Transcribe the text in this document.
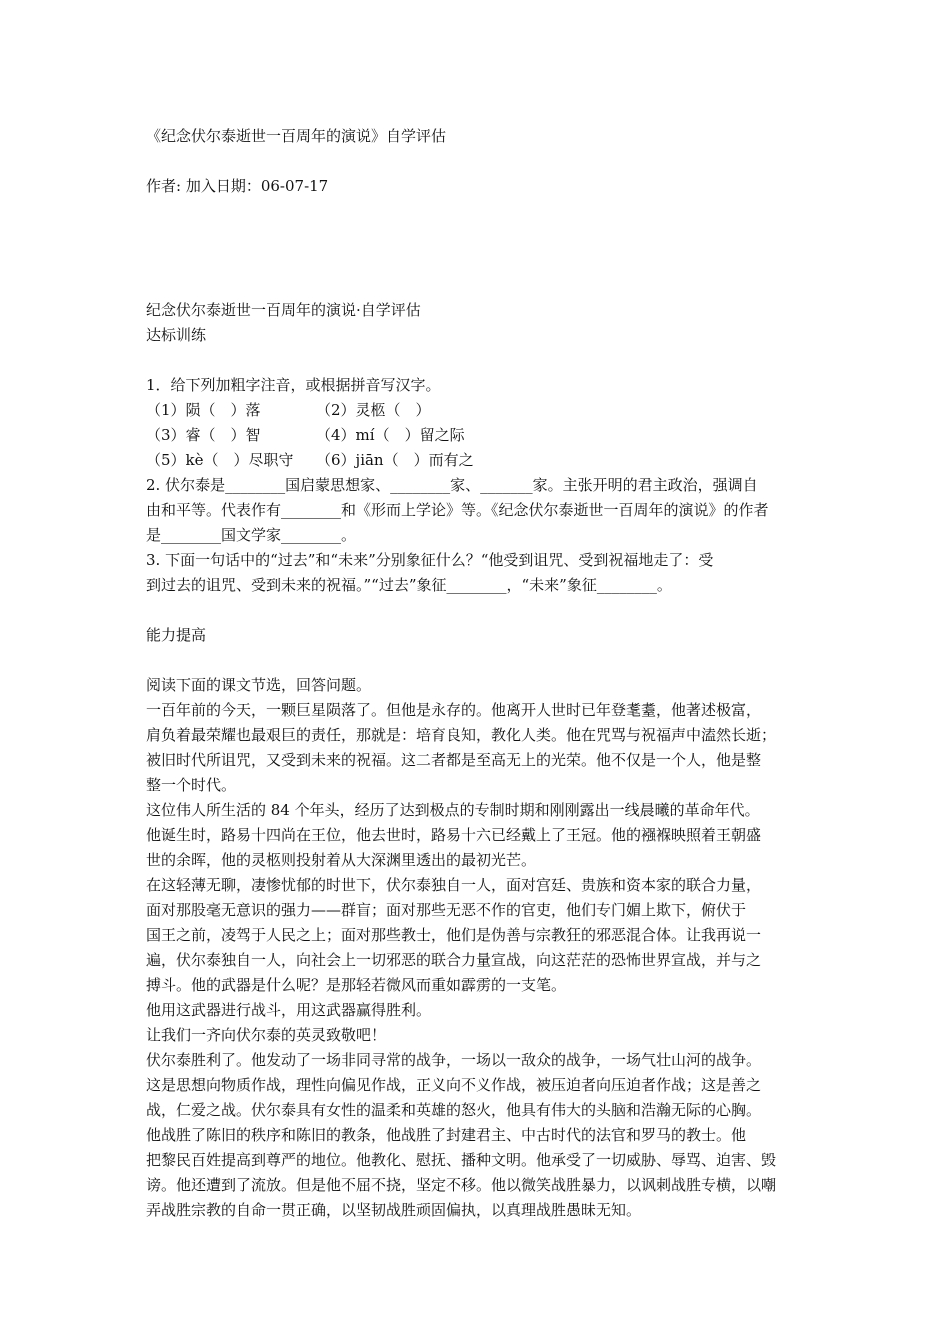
《纪念伏尔泰逝世一百周年的演说》自学评估
作者: 加入日期：06-07-17
纪念伏尔泰逝世一百周年的演说·自学评估
达标训练
1．给下列加粗字注音，或根据拼音写汉字。
（1）陨（　）落	（2）灵柩（　）
（3）睿（　）智	（4）mí（　）留之际
（5）kè（　）尽职守	（6）jiān（　）而有之
2. 伏尔泰是________国启蒙思想家、________家、_______家。主张开明的君主政治，强调自
由和平等。代表作有________和《形而上学论》等。《纪念伏尔泰逝世一百周年的演说》的作者
是________国文学家________。
3. 下面一句话中的“过去”和“未来”分别象征什么？“他受到诅咒、受到祝福地走了：受
到过去的诅咒、受到未来的祝福。”“过去”象征________，“未来”象征________。
能力提高
阅读下面的课文节选，回答问题。
一百年前的今天，一颗巨星陨落了。但他是永存的。他离开人世时已年登耄耋，他著述极富，
肩负着最荣耀也最艰巨的责任，那就是：培育良知，教化人类。他在咒骂与祝福声中溘然长逝；
被旧时代所诅咒，又受到未来的祝福。这二者都是至高无上的光荣。他不仅是一个人，他是整
整一个时代。
这位伟人所生活的 84 个年头，经历了达到极点的专制时期和刚刚露出一线晨曦的革命年代。
他诞生时，路易十四尚在王位，他去世时，路易十六已经戴上了王冠。他的襁褓映照着王朝盛
世的余晖，他的灵柩则投射着从大深渊里透出的最初光芒。
在这轻薄无聊，凄惨忧郁的时世下，伏尔泰独自一人，面对宫廷、贵族和资本家的联合力量，
面对那股毫无意识的强力——群盲；面对那些无恶不作的官吏，他们专门媚上欺下，俯伏于
国王之前，凌驾于人民之上；面对那些教士，他们是伪善与宗教狂的邪恶混合体。让我再说一
遍，伏尔泰独自一人，向社会上一切邪恶的联合力量宣战，向这茫茫的恐怖世界宣战，并与之
搏斗。他的武器是什么呢？是那轻若微风而重如霹雳的一支笔。
他用这武器进行战斗，用这武器赢得胜利。
让我们一齐向伏尔泰的英灵致敬吧！
伏尔泰胜利了。他发动了一场非同寻常的战争，一场以一敌众的战争，一场气壮山河的战争。
这是思想向物质作战，理性向偏见作战，正义向不义作战，被压迫者向压迫者作战；这是善之
战，仁爱之战。伏尔泰具有女性的温柔和英雄的怒火，他具有伟大的头脑和浩瀚无际的心胸。
他战胜了陈旧的秩序和陈旧的教条，他战胜了封建君主、中古时代的法官和罗马的教士。他
把黎民百姓提高到尊严的地位。他教化、慰抚、播种文明。他承受了一切威胁、辱骂、迫害、毁
谤。他还遭到了流放。但是他不屈不挠，坚定不移。他以微笑战胜暴力，以讽刺战胜专横，以嘲
弄战胜宗教的自命一贯正确，以坚韧战胜顽固偏执，以真理战胜愚昧无知。
